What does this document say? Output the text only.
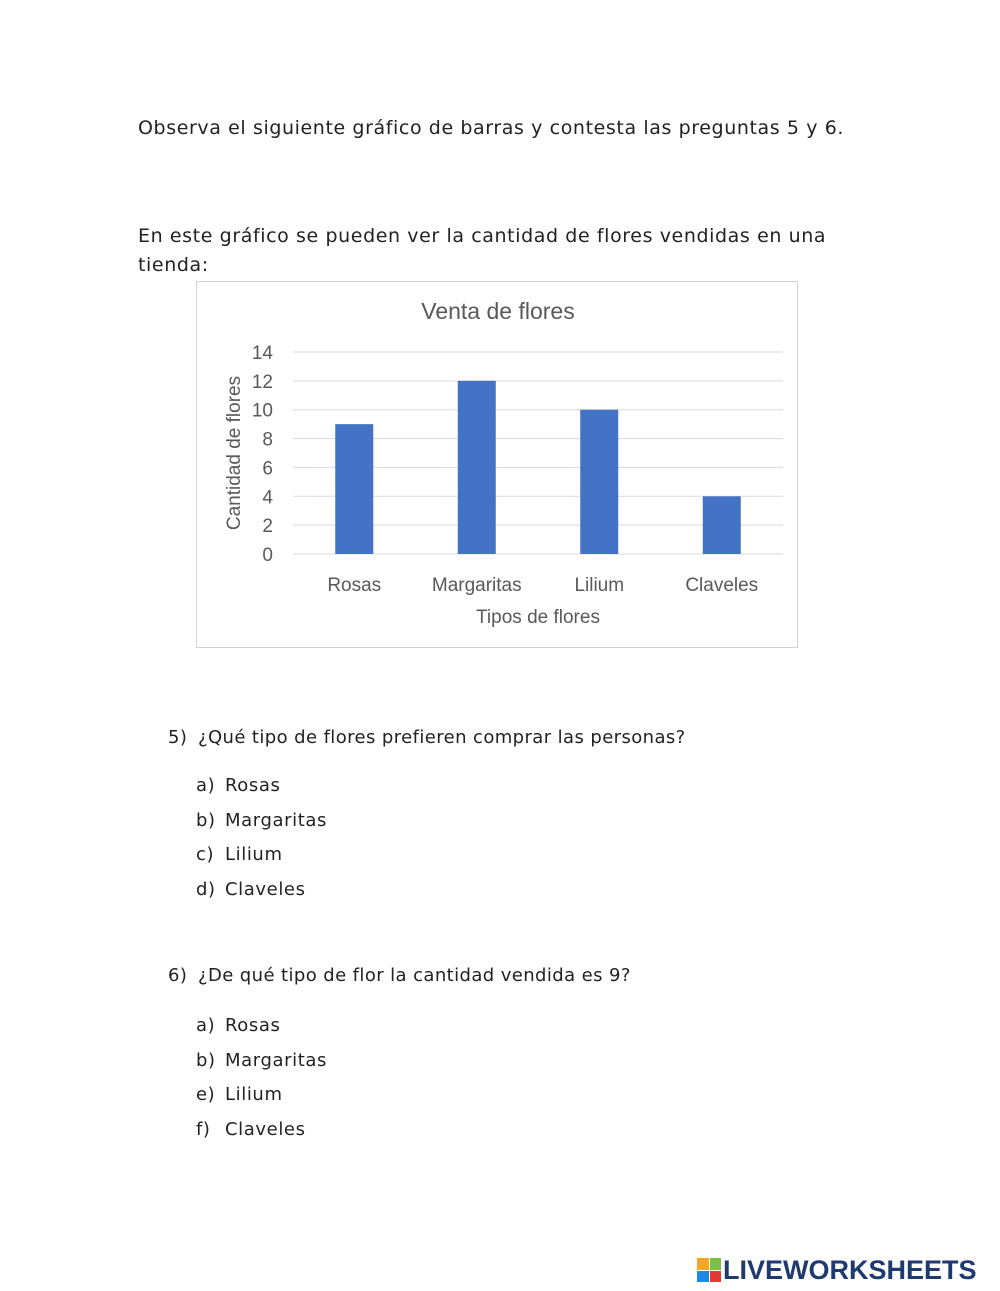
Observa el siguiente gráfico de barras y contesta las preguntas 5 y 6.

En este gráfico se pueden ver la cantidad de flores vendidas en una tienda:

Venta de flores
0
2
4
6
8
10
12
14
Rosas	Margaritas	Lilium	Claveles
Tipos de flores
Cantidad de flores

5) ¿Qué tipo de flores prefieren comprar las personas?

a) Rosas
b) Margaritas
c) Lilium
d) Claveles

6) ¿De qué tipo de flor la cantidad vendida es 9?

a) Rosas
b) Margaritas
e) Lilium
f) Claveles
LIVEWORKSHEETS
